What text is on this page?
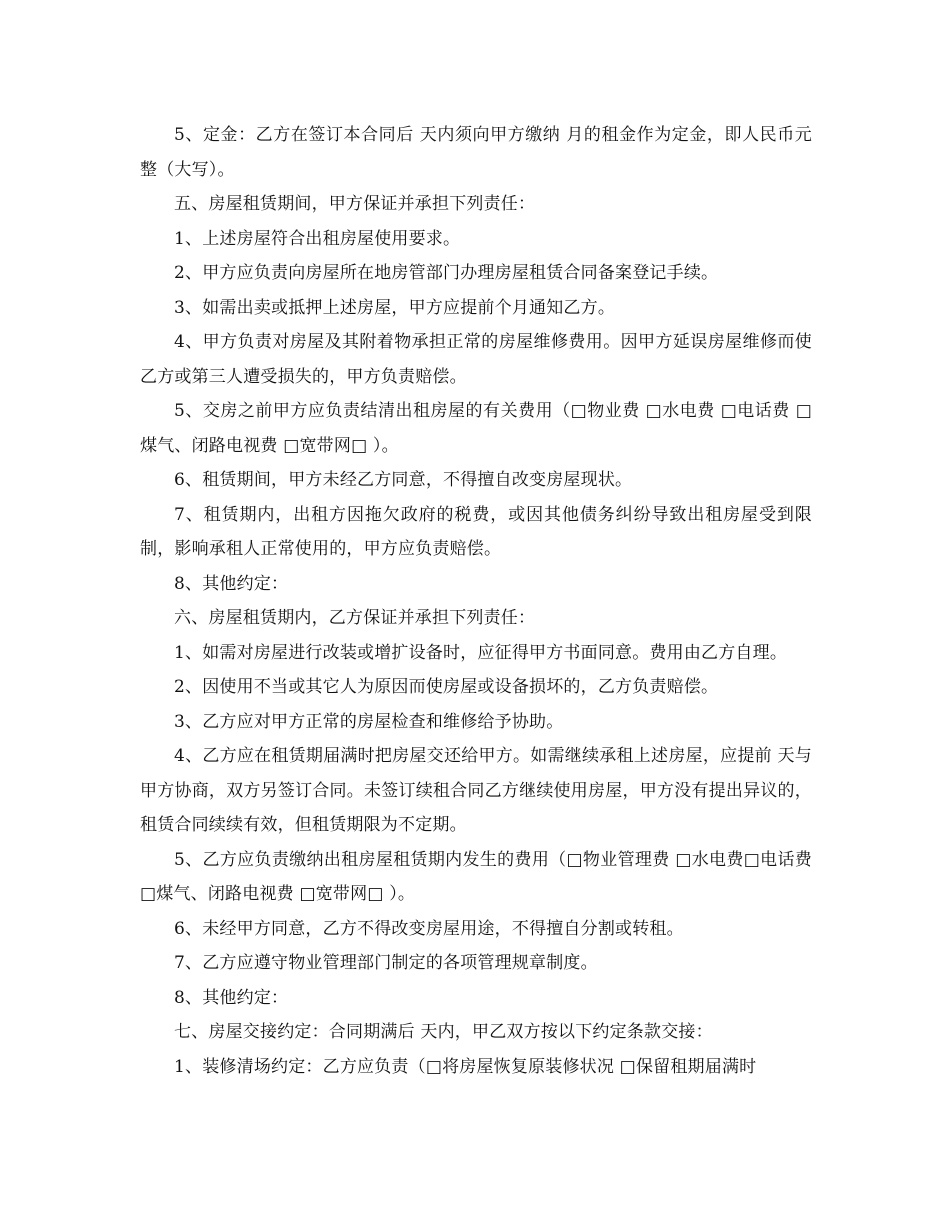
5、定金：乙方在签订本合同后 天内须向甲方缴纳 月的租金作为定金，即人民币元整（大写）。

五、房屋租赁期间，甲方保证并承担下列责任：

1、上述房屋符合出租房屋使用要求。

2、甲方应负责向房屋所在地房管部门办理房屋租赁合同备案登记手续。

3、如需出卖或抵押上述房屋，甲方应提前个月通知乙方。

4、甲方负责对房屋及其附着物承担正常的房屋维修费用。因甲方延误房屋维修而使乙方或第三人遭受损失的，甲方负责赔偿。

5、交房之前甲方应负责结清出租房屋的有关费用（□物业费 □水电费 □电话费 □煤气、闭路电视费 □宽带网□ ）。

6、租赁期间，甲方未经乙方同意，不得擅自改变房屋现状。

7、租赁期内，出租方因拖欠政府的税费，或因其他债务纠纷导致出租房屋受到限制，影响承租人正常使用的，甲方应负责赔偿。

8、其他约定：

六、房屋租赁期内，乙方保证并承担下列责任：

1、如需对房屋进行改装或增扩设备时，应征得甲方书面同意。费用由乙方自理。

2、因使用不当或其它人为原因而使房屋或设备损坏的，乙方负责赔偿。

3、乙方应对甲方正常的房屋检查和维修给予协助。

4、乙方应在租赁期届满时把房屋交还给甲方。如需继续承租上述房屋，应提前 天与甲方协商，双方另签订合同。未签订续租合同乙方继续使用房屋，甲方没有提出异议的，租赁合同续续有效，但租赁期限为不定期。

5、乙方应负责缴纳出租房屋租赁期内发生的费用（□物业管理费 □水电费□电话费 □煤气、闭路电视费 □宽带网□ ）。

6、未经甲方同意，乙方不得改变房屋用途，不得擅自分割或转租。

7、乙方应遵守物业管理部门制定的各项管理规章制度。

8、其他约定：

七、房屋交接约定：合同期满后 天内，甲乙双方按以下约定条款交接：

1、装修清场约定：乙方应负责（□将房屋恢复原装修状况 □保留租期届满时
